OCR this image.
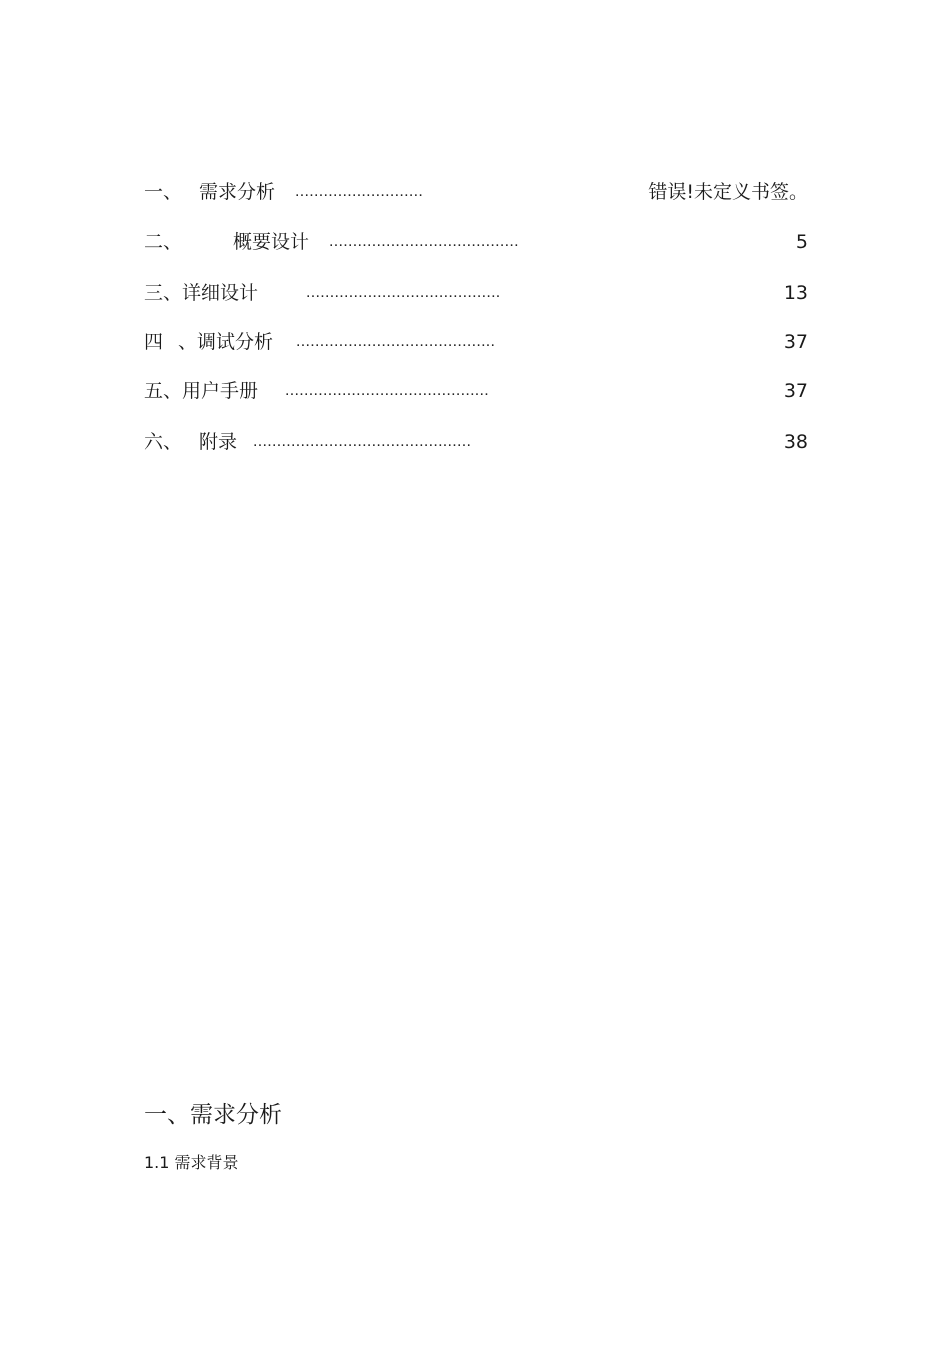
一、 需求分析 ...........................	错误!未定义书签。
二、	概要设计 ........................................	5
三、详细设计	.........................................	13
四 、调试分析 ..........................................	37
五、用户手册 ...........................................	37
六、 附录 ..............................................	38
一、需求分析
1.1 需求背景
